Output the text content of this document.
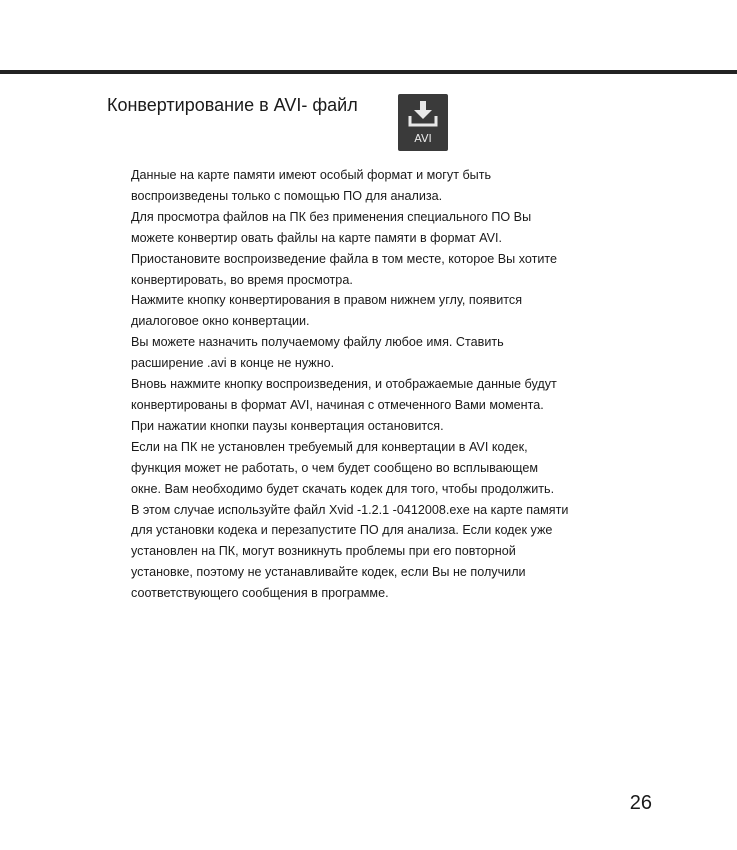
Конвертирование в AVI- файл
AVI

Данные на карте памяти имеют особый формат и могут быть

воспроизведены только с помощью ПО для анализа.

Для просмотра файлов на ПК без применения специального ПО Вы

можете конвертир овать файлы на карте памяти в формат AVI.

Приостановите воспроизведение файла в том месте, которое Вы хотите

конвертировать, во время просмотра.

Нажмите кнопку конвертирования в правом нижнем углу, появится

диалоговое окно конвертации.

Вы можете назначить получаемому файлу любое имя. Ставить

расширение .avi в конце не нужно.

Вновь нажмите кнопку воспроизведения, и отображаемые данные будут

конвертированы в формат AVI, начиная с отмеченного Вами момента.

При нажатии кнопки паузы конвертация остановится.

Если на ПК не установлен требуемый для конвертации в AVI кодек,

функция может не работать, о чем будет сообщено во всплывающем

окне. Вам необходимо будет скачать кодек для того, чтобы продолжить.

В этом случае используйте файл Xvid -1.2.1 -0412008.exe на карте памяти

для установки кодека и перезапустите ПО для анализа. Если кодек уже

установлен на ПК, могут возникнуть проблемы при его повторной

установке, поэтому не устанавливайте кодек, если Вы не получили

соответствующего сообщения в программе.

26
